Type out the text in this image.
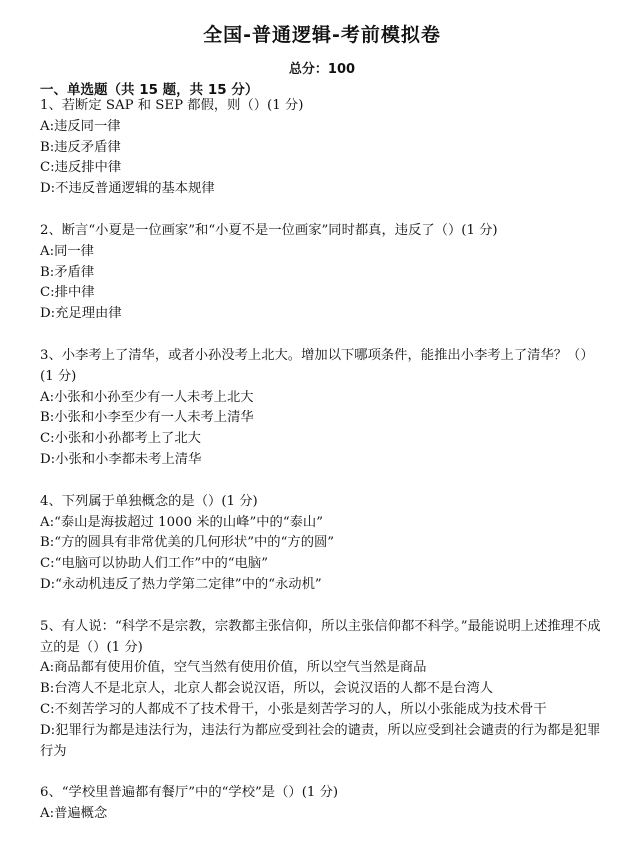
全国-普通逻辑-考前模拟卷
总分：100
一、单选题（共 15 题，共 15 分）
1、若断定 SAP 和 SEP 都假，则（）(1 分)
A:违反同一律
B:违反矛盾律
C:违反排中律
D:不违反普通逻辑的基本规律
2、断言“小夏是一位画家”和“小夏不是一位画家”同时都真，违反了（）(1 分)
A:同一律
B:矛盾律
C:排中律
D:充足理由律
3、小李考上了清华，或者小孙没考上北大。增加以下哪项条件，能推出小李考上了清华？（）(1 分)
A:小张和小孙至少有一人未考上北大
B:小张和小李至少有一人未考上清华
C:小张和小孙都考上了北大
D:小张和小李都未考上清华
4、下列属于单独概念的是（）(1 分)
A:“泰山是海拔超过 1000 米的山峰”中的“泰山”
B:“方的圆具有非常优美的几何形状”中的“方的圆”
C:“电脑可以协助人们工作”中的“电脑”
D:“永动机违反了热力学第二定律”中的“永动机”
5、有人说：“科学不是宗教，宗教都主张信仰，所以主张信仰都不科学。”最能说明上述推理不成立的是（）(1 分)
A:商品都有使用价值，空气当然有使用价值，所以空气当然是商品
B:台湾人不是北京人，北京人都会说汉语，所以，会说汉语的人都不是台湾人
C:不刻苦学习的人都成不了技术骨干，小张是刻苦学习的人，所以小张能成为技术骨干
D:犯罪行为都是违法行为，违法行为都应受到社会的谴责，所以应受到社会谴责的行为都是犯罪行为
6、“学校里普遍都有餐厅”中的“学校”是（）(1 分)
A:普遍概念
